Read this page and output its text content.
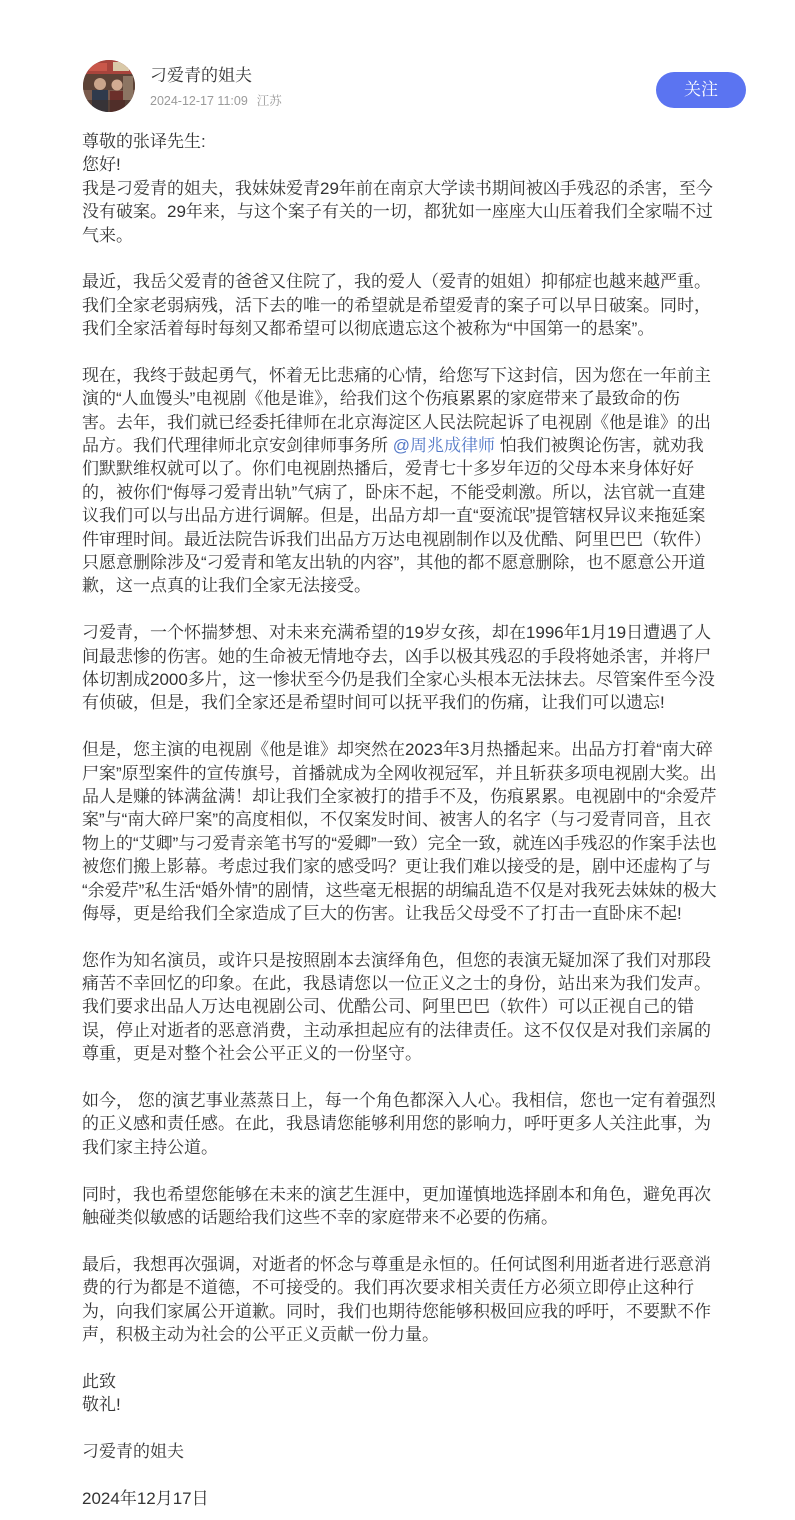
刁爱青的姐夫
2024-12-17 11:09 江苏
关注
尊敬的张译先生:
您好!
我是刁爱青的姐夫，我妹妹爱青29年前在南京大学读书期间被凶手残忍的杀害，至今
没有破案。29年来，与这个案子有关的一切，都犹如一座座大山压着我们全家喘不过
气来。
最近，我岳父爱青的爸爸又住院了，我的爱人（爱青的姐姐）抑郁症也越来越严重。
我们全家老弱病残，活下去的唯一的希望就是希望爱青的案子可以早日破案。同时，
我们全家活着每时每刻又都希望可以彻底遗忘这个被称为“中国第一的悬案”。
现在，我终于鼓起勇气，怀着无比悲痛的心情，给您写下这封信，因为您在一年前主
演的“人血馒头”电视剧《他是谁》，给我们这个伤痕累累的家庭带来了最致命的伤
害。去年，我们就已经委托律师在北京海淀区人民法院起诉了电视剧《他是谁》的出
品方。我们代理律师北京安剑律师事务所 @周兆成律师 怕我们被舆论伤害，就劝我
们默默维权就可以了。你们电视剧热播后，爱青七十多岁年迈的父母本来身体好好
的，被你们“侮辱刁爱青出轨”气病了，卧床不起，不能受刺激。所以，法官就一直建
议我们可以与出品方进行调解。但是，出品方却一直“耍流氓”提管辖权异议来拖延案
件审理时间。最近法院告诉我们出品方万达电视剧制作以及优酷、阿里巴巴（软件）
只愿意删除涉及“刁爱青和笔友出轨的内容”，其他的都不愿意删除，也不愿意公开道
歉，这一点真的让我们全家无法接受。
刁爱青，一个怀揣梦想、对未来充满希望的19岁女孩，却在1996年1月19日遭遇了人
间最悲惨的伤害。她的生命被无情地夺去，凶手以极其残忍的手段将她杀害，并将尸
体切割成2000多片，这一惨状至今仍是我们全家心头根本无法抹去。尽管案件至今没
有侦破，但是，我们全家还是希望时间可以抚平我们的伤痛，让我们可以遗忘!
但是，您主演的电视剧《他是谁》却突然在2023年3月热播起来。出品方打着“南大碎
尸案”原型案件的宣传旗号，首播就成为全网收视冠军，并且斩获多项电视剧大奖。出
品人是赚的钵满盆满！却让我们全家被打的措手不及，伤痕累累。电视剧中的“余爱芹
案”与“南大碎尸案”的高度相似，不仅案发时间、被害人的名字（与刁爱青同音，且衣
物上的“艾卿”与刁爱青亲笔书写的“爱卿”一致）完全一致，就连凶手残忍的作案手法也
被您们搬上影幕。考虑过我们家的感受吗？更让我们难以接受的是，剧中还虚构了与
“余爱芹”私生活“婚外情”的剧情，这些毫无根据的胡编乱造不仅是对我死去妹妹的极大
侮辱，更是给我们全家造成了巨大的伤害。让我岳父母受不了打击一直卧床不起!
您作为知名演员，或许只是按照剧本去演绎角色，但您的表演无疑加深了我们对那段
痛苦不幸回忆的印象。在此，我恳请您以一位正义之士的身份，站出来为我们发声。
我们要求出品人万达电视剧公司、优酷公司、阿里巴巴（软件）可以正视自己的错
误，停止对逝者的恶意消费，主动承担起应有的法律责任。这不仅仅是对我们亲属的
尊重，更是对整个社会公平正义的一份坚守。
如今， 您的演艺事业蒸蒸日上，每一个角色都深入人心。我相信，您也一定有着强烈
的正义感和责任感。在此，我恳请您能够利用您的影响力，呼吁更多人关注此事，为
我们家主持公道。
同时，我也希望您能够在未来的演艺生涯中，更加谨慎地选择剧本和角色，避免再次
触碰类似敏感的话题给我们这些不幸的家庭带来不必要的伤痛。
最后，我想再次强调，对逝者的怀念与尊重是永恒的。任何试图利用逝者进行恶意消
费的行为都是不道德，不可接受的。我们再次要求相关责任方必须立即停止这种行
为，向我们家属公开道歉。同时，我们也期待您能够积极回应我的呼吁，不要默不作
声，积极主动为社会的公平正义贡献一份力量。
此致
敬礼!
刁爱青的姐夫
2024年12月17日
